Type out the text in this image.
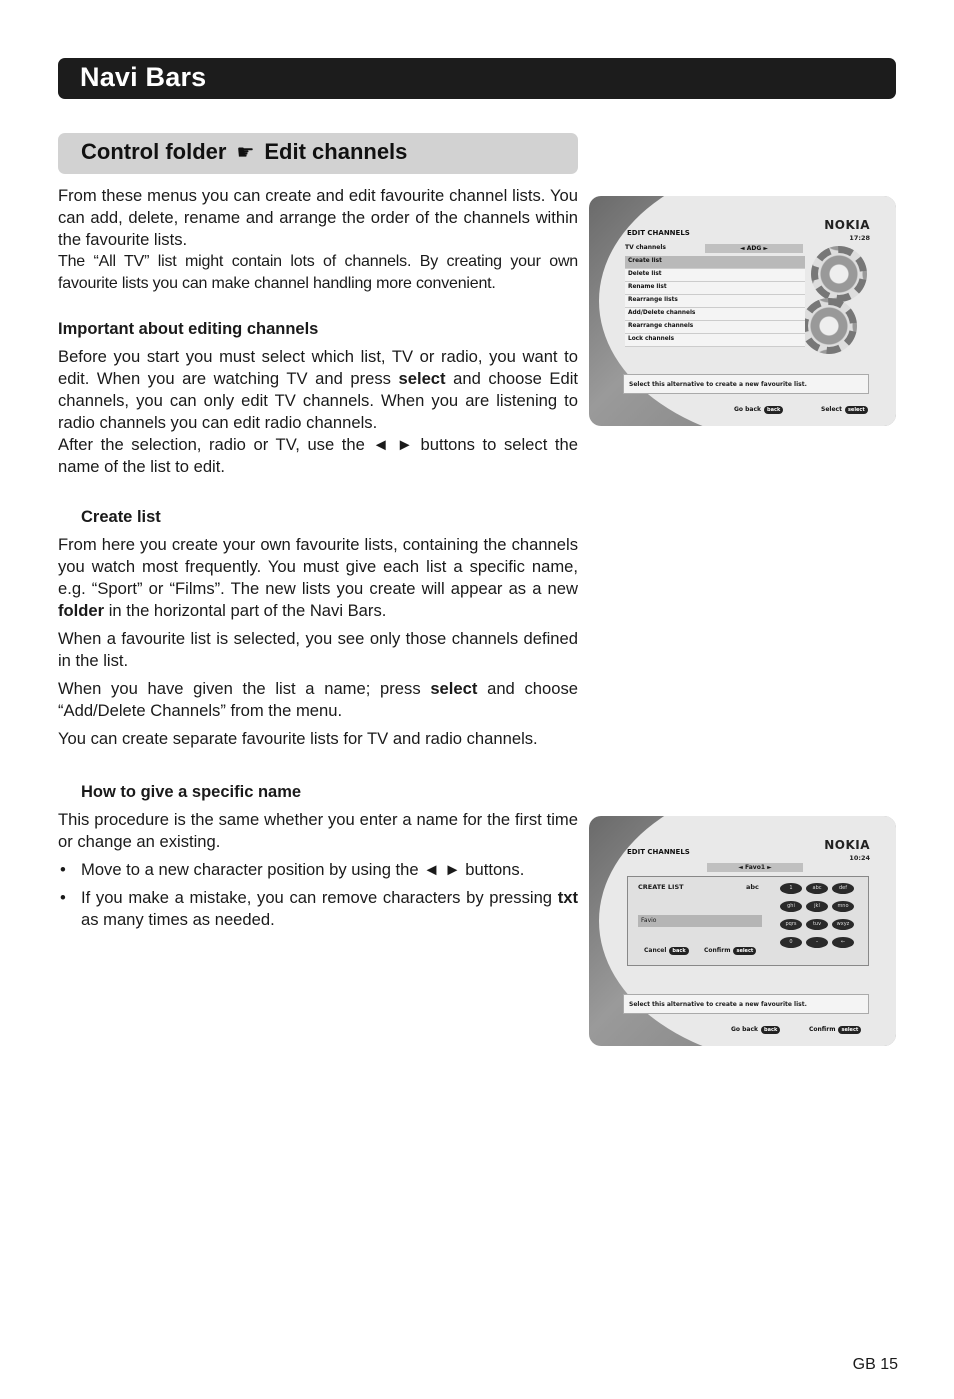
Navi Bars
Control folder ☛ Edit channels

From these menus you can create and edit favourite channel lists. You can add, delete, rename and arrange the order of the channels within the favourite lists.

The “All TV” list might contain lots of channels. By creating your own favourite lists you can make channel handling more convenient.

Important about editing channels

Before you start you must select which list, TV or radio, you want to edit. When you are watching TV and press select and choose Edit channels, you can only edit TV channels. When you are listening to radio channels you can edit radio channels.

After the selection, radio or TV, use the ◄ ► buttons to select the name of the list to edit.

Create list

From here you create your own favourite lists, containing the channels you watch most frequently. You must give each list a specific name, e.g. “Sport” or “Films”. The new lists you create will appear as a new folder in the horizontal part of the Navi Bars.

When a favourite list is selected, you see only those channels defined in the list.

When you have given the list a name; press select and choose “Add/Delete Channels” from the menu.

You can create separate favourite lists for TV and radio channels.

How to give a specific name

This procedure is the same whether you enter a name for the first time or change an existing.

• Move to a new character position by using the ◄ ► buttons.
• If you make a mistake, you can remove characters by pressing txt as many times as needed.
NOKIA
17:28
EDIT CHANNELS
TV channels	◄ ADG ►
Create list
Delete list
Rename list
Rearrange lists
Add/Delete channels
Rearrange channels
Lock channels
Select this alternative to create a new favourite list.
Go back back	Select select
NOKIA
10:24
EDIT CHANNELS
◄ Favo1 ►
CREATE LIST	abc
Favio
Cancel back	Confirm select
1	abc	def
ghi	jkl	mno
pqrs	tuv	wxyz
0	–	←
Select this alternative to create a new favourite list.
Go back back	Confirm select
GB 15
